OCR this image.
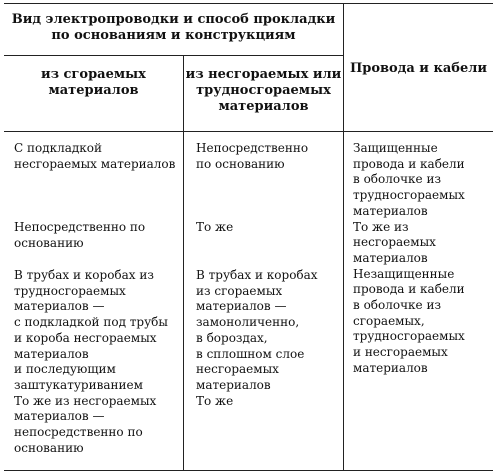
Вид электропроводки и способ прокладки
по основаниям и конструкциям
из сгораемых
материалов
из несгораемых или
трудносгораемых
материалов
Провода и кабели
С подкладкой
несгораемых материалов
Непосредственно по
основанию
В трубах и коробах из
трудносгораемых
материалов —
с подкладкой под трубы
и короба несгораемых
материалов
и последующим
заштукатуриванием
То же из несгораемых
материалов —
непосредственно по
основанию
Непосредственно
по основанию
То же
В трубах и коробах
из сгораемых
материалов —
замоноличенно,
в бороздах,
в сплошном слое
несгораемых
материалов
То же
Защищенные
провода и кабели
в оболочке из
трудносгораемых
материалов
То же из
несгораемых
материалов
Незащищенные
провода и кабели
в оболочке из
сгораемых,
трудносгораемых
и несгораемых
материалов
